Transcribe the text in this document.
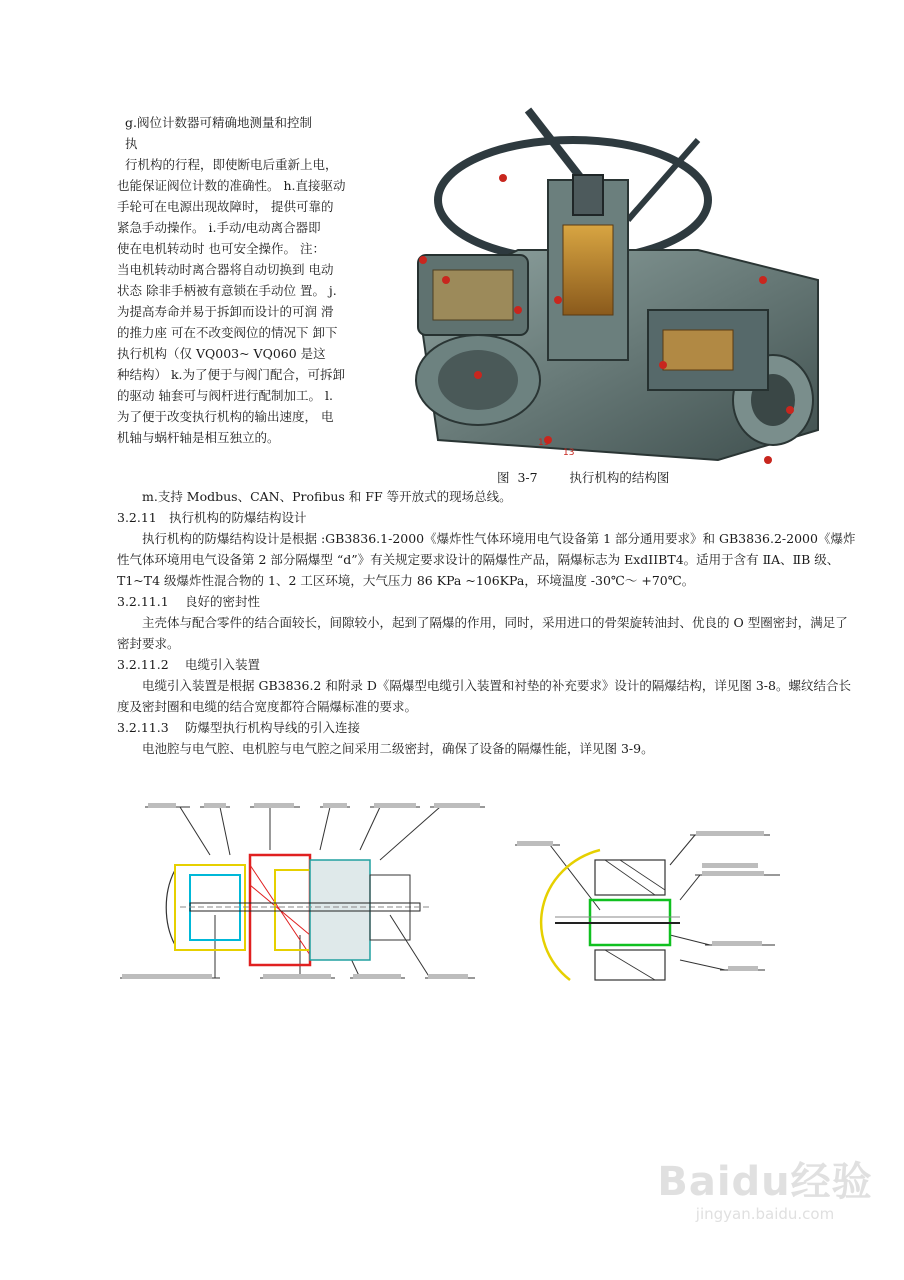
g.阀位计数器可精确地测量和控制
执
行机构的行程，即使断电后重新上电，
也能保证阀位计数的准确性。 h.直接驱动
手轮可在电源出现故障时， 提供可靠的
紧急手动操作。 i.手动/电动离合器即
使在电机转动时 也可安全操作。 注：
当电机转动时离合器将自动切换到 电动
状态 除非手柄被有意锁在手动位 置。 j.
为提高寿命并易于拆卸而设计的可润 滑
的推力座 可在不改变阀位的情况下 卸下
执行机构（仅 VQ003~ VQ060 是这
种结构） k.为了便于与阀门配合，可拆卸
的驱动 轴套可与阀杆进行配制加工。 l.
为了便于改变执行机构的输出速度， 电
机轴与蜗杆轴是相互独立的。	19
13
图  3-7        执行机构的结构图

m.支持 Modbus、CAN、Profibus 和 FF 等开放式的现场总线。

3.2.11 执行机构的防爆结构设计

执行机构的防爆结构设计是根据 :GB3836.1-2000《爆炸性气体环境用电气设备第 1 部分通用要求》和 GB3836.2-2000《爆炸性气体环境用电气设备第 2 部分隔爆型 “d”》有关规定要求设计的隔爆性产品，隔爆标志为 ExdIIBT4。适用于含有 ⅡA、ⅡB 级、T1~T4 级爆炸性混合物的 1、2 工区环境，大气压力 86 KPa ~106KPa，环境温度 -30℃～ +70℃。

3.2.11.1 良好的密封性

主壳体与配合零件的结合面较长，间隙较小，起到了隔爆的作用，同时，采用进口的骨架旋转油封、优良的 O 型圈密封，满足了密封要求。

3.2.11.2 电缆引入装置

电缆引入装置是根据 GB3836.2 和附录 D《隔爆型电缆引入装置和衬垫的补充要求》设计的隔爆结构，详见图 3-8。螺纹结合长度及密封圈和电缆的结合宽度都符合隔爆标准的要求。

3.2.11.3 防爆型执行机构导线的引入连接

电池腔与电气腔、电机腔与电气腔之间采用二级密封，确保了设备的隔爆性能，详见图 3-9。

Baidu经验
jingyan.baidu.com
